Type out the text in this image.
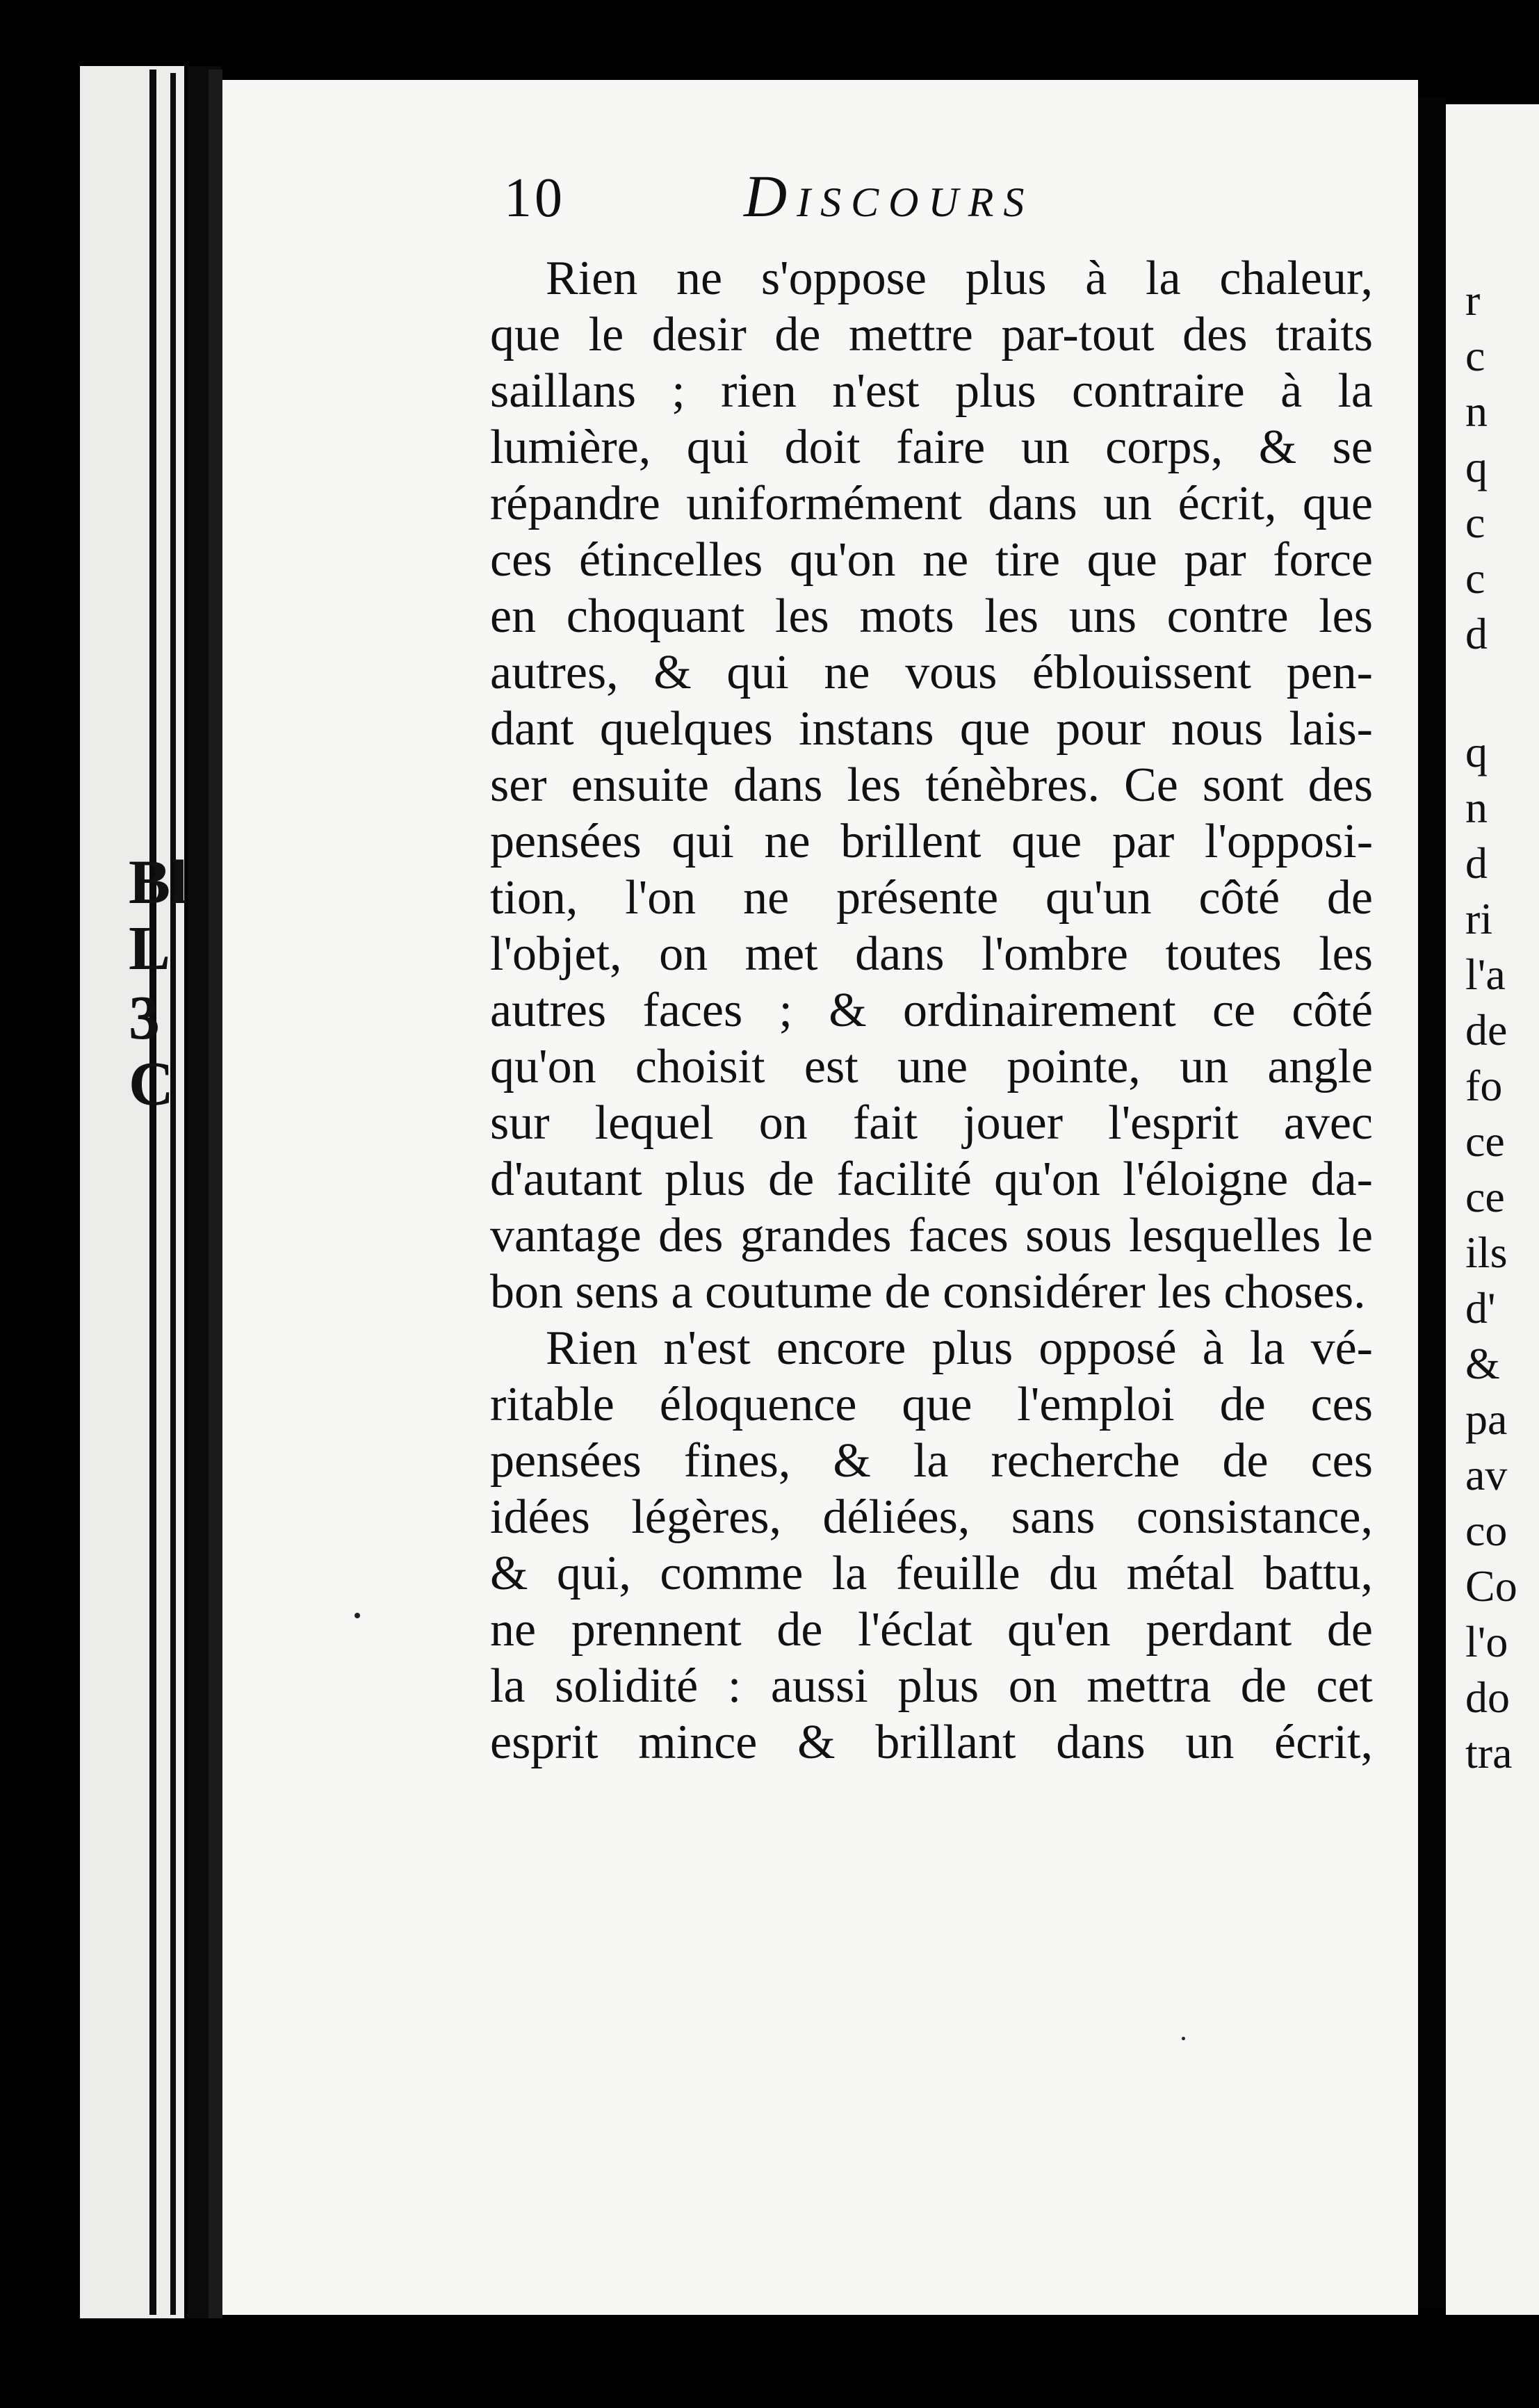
Bl
L
3
C
10	Discours
Rien ne s'oppose plus à la chaleur,
que le desir de mettre par-tout des traits
saillans ; rien n'est plus contraire à la
lumière, qui doit faire un corps, & se
répandre uniformément dans un écrit, que
ces étincelles qu'on ne tire que par force
en choquant les mots les uns contre les
autres, & qui ne vous éblouissent pen-
dant quelques instans que pour nous lais-
ser ensuite dans les ténèbres. Ce sont des
pensées qui ne brillent que par l'opposi-
tion, l'on ne présente qu'un côté de
l'objet, on met dans l'ombre toutes les
autres faces ; & ordinairement ce côté
qu'on choisit est une pointe, un angle
sur lequel on fait jouer l'esprit avec
d'autant plus de facilité qu'on l'éloigne da-
vantage des grandes faces sous lesquelles le
bon sens a coutume de considérer les choses.
Rien n'est encore plus opposé à la vé-
ritable éloquence que l'emploi de ces
pensées fines, & la recherche de ces
idées légères, déliées, sans consistance,
& qui, comme la feuille du métal battu,
ne prennent de l'éclat qu'en perdant de
la solidité : aussi plus on mettra de cet
esprit mince & brillant dans un écrit,
r
c
n
q
c
c
d
q
n
d
ri
l'a
de
fo
ce
ce
ils
d'
&
pa
av
co
Co
l'o
do
tra
